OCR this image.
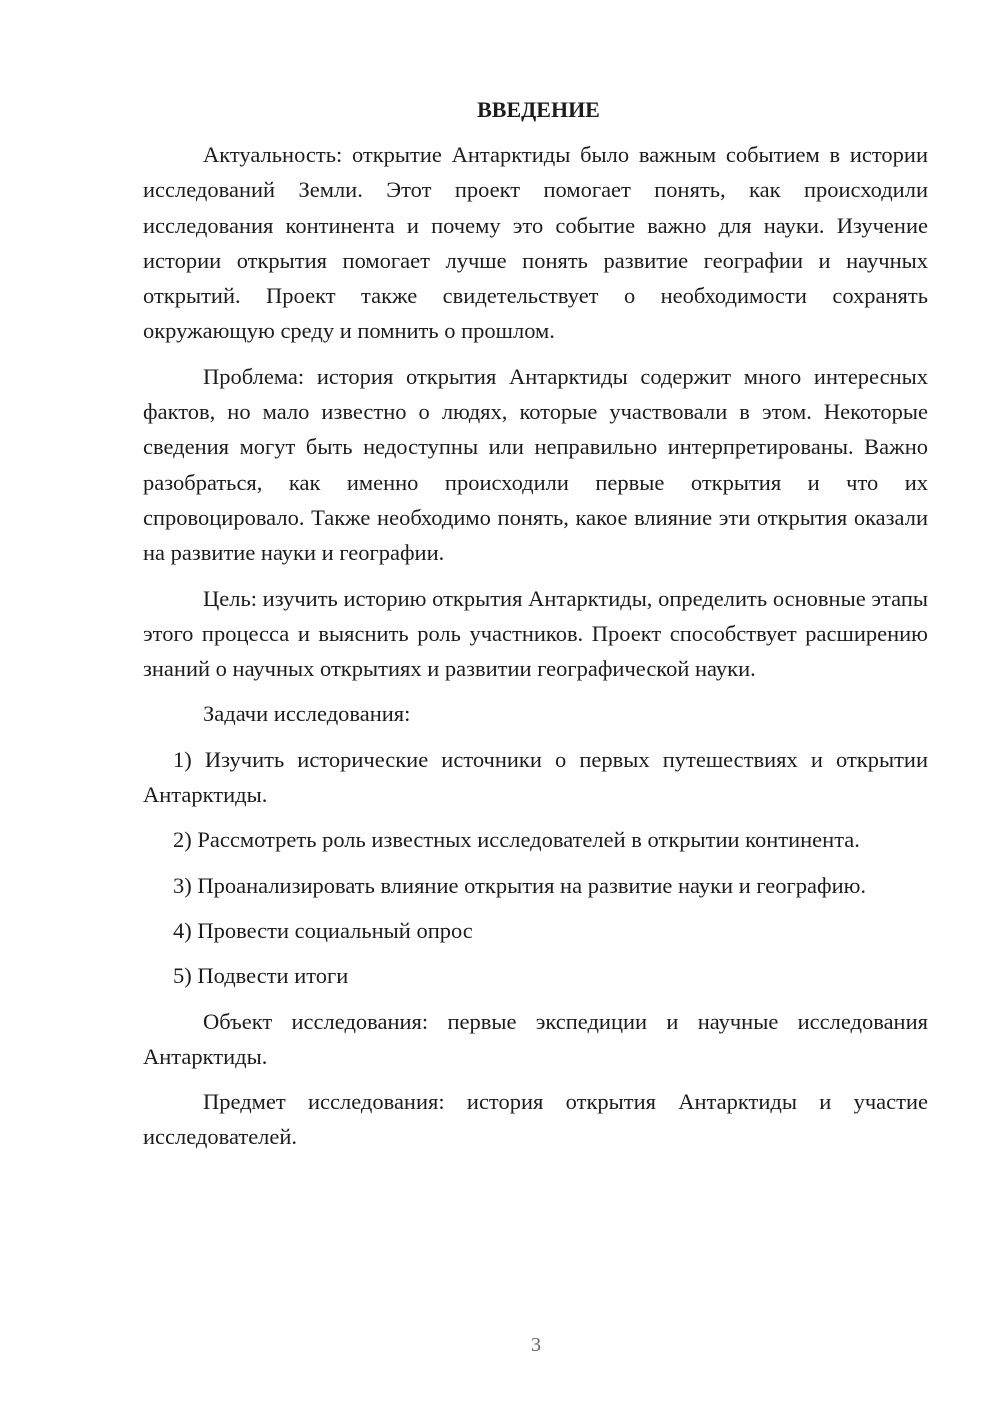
ВВЕДЕНИЕ

Актуальность: открытие Антарктиды было важным событием в истории исследований Земли. Этот проект помогает понять, как происходили исследования континента и почему это событие важно для науки. Изучение истории открытия помогает лучше понять развитие географии и научных открытий. Проект также свидетельствует о необходимости сохранять окружающую среду и помнить о прошлом.

Проблема: история открытия Антарктиды содержит много интересных фактов, но мало известно о людях, которые участвовали в этом. Некоторые сведения могут быть недоступны или неправильно интерпретированы. Важно разобраться, как именно происходили первые открытия и что их спровоцировало. Также необходимо понять, какое влияние эти открытия оказали на развитие науки и географии.

Цель: изучить историю открытия Антарктиды, определить основные этапы этого процесса и выяснить роль участников. Проект способствует расширению знаний о научных открытиях и развитии географической науки.

Задачи исследования:

1) Изучить исторические источники о первых путешествиях и открытии Антарктиды.

2) Рассмотреть роль известных исследователей в открытии континента.

3) Проанализировать влияние открытия на развитие науки и географию.

4) Провести социальный опрос

5) Подвести итоги

Объект исследования: первые экспедиции и научные исследования Антарктиды.

Предмет исследования: история открытия Антарктиды и участие исследователей.

3
